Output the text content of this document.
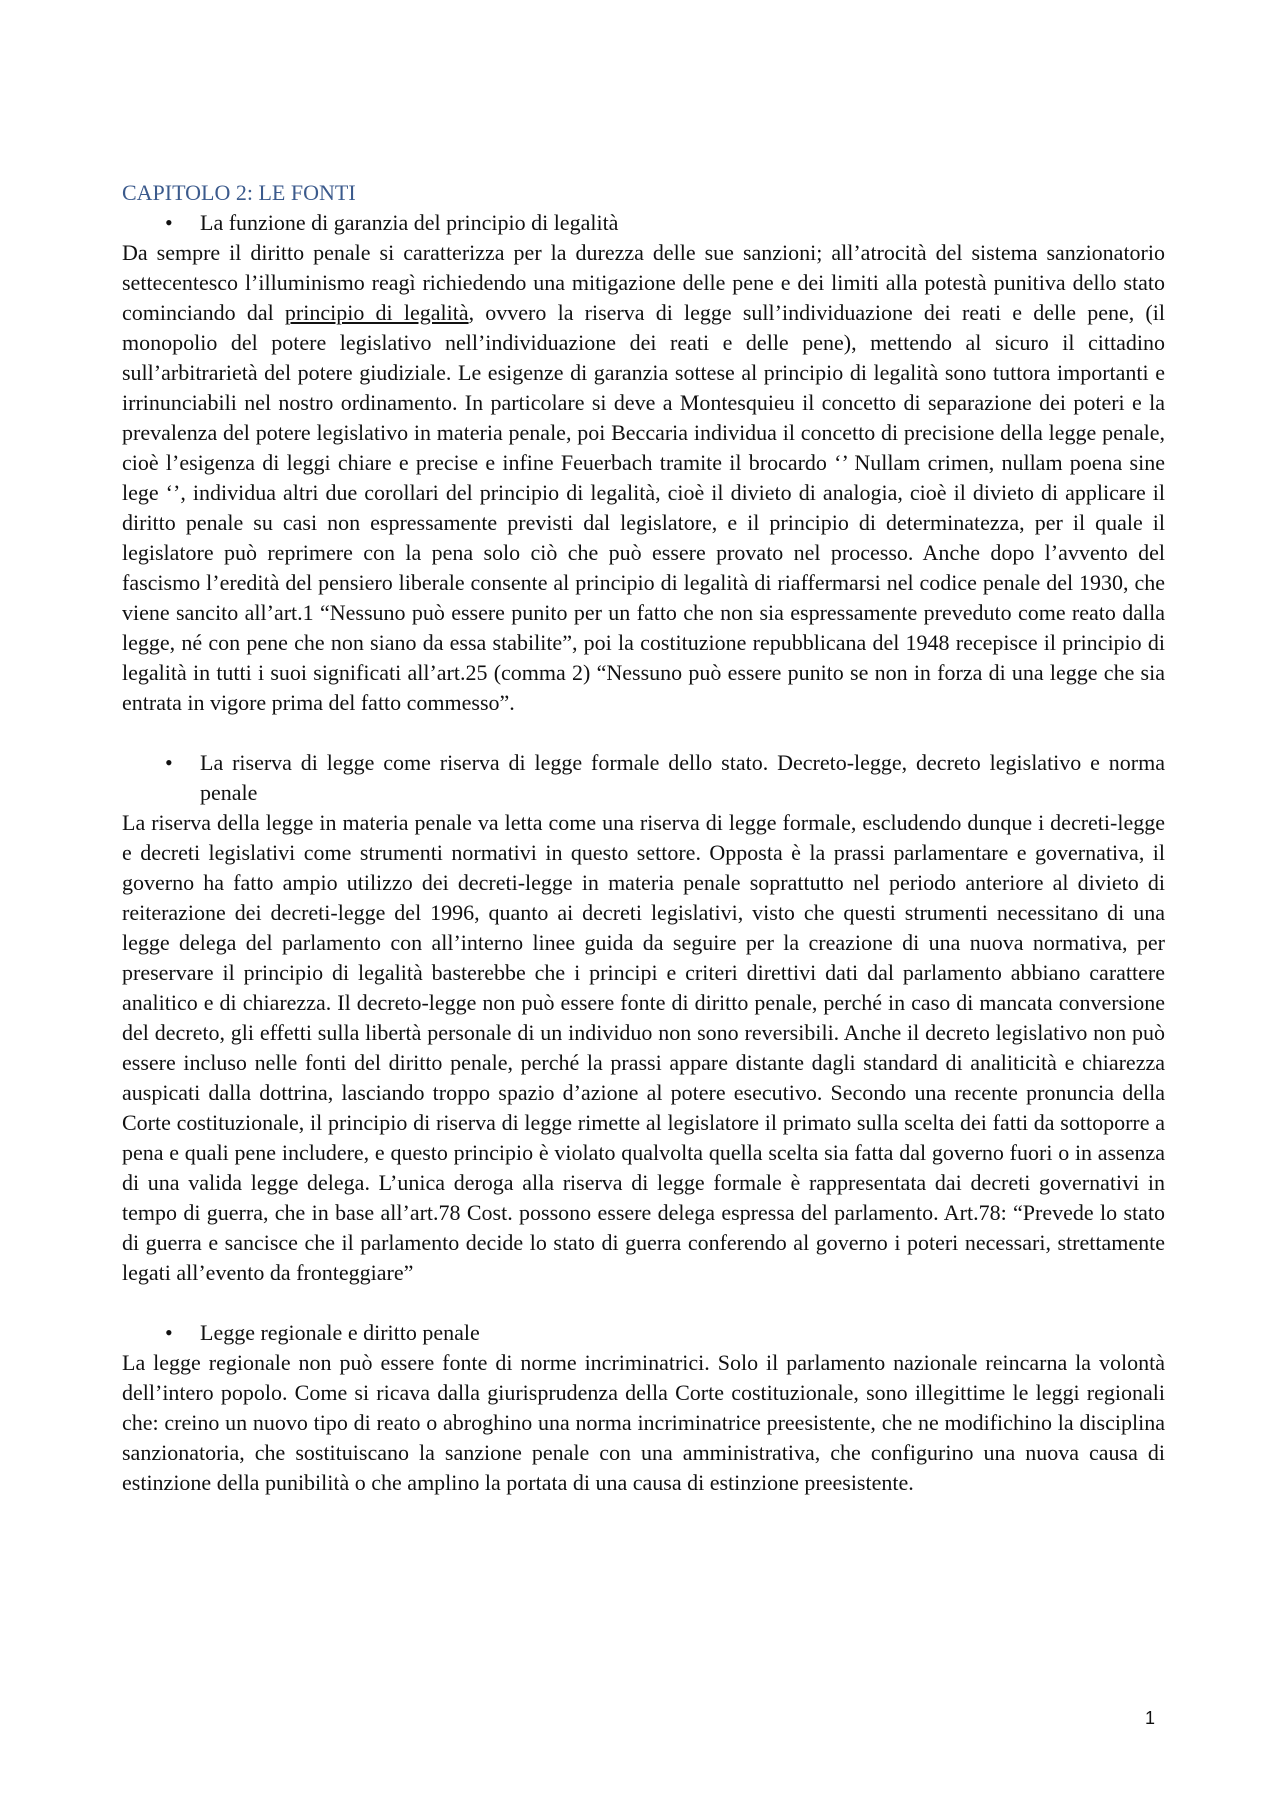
CAPITOLO 2: LE FONTI
• La funzione di garanzia del principio di legalità

Da sempre il diritto penale si caratterizza per la durezza delle sue sanzioni; all’atrocità del sistema sanzionatorio settecentesco l’illuminismo reagì richiedendo una mitigazione delle pene e dei limiti alla potestà punitiva dello stato cominciando dal principio di legalità, ovvero la riserva di legge sull’individuazione dei reati e delle pene, (il monopolio del potere legislativo nell’individuazione dei reati e delle pene), mettendo al sicuro il cittadino sull’arbitrarietà del potere giudiziale. Le esigenze di garanzia sottese al principio di legalità sono tuttora importanti e irrinunciabili nel nostro ordinamento. In particolare si deve a Montesquieu il concetto di separazione dei poteri e la prevalenza del potere legislativo in materia penale, poi Beccaria individua il concetto di precisione della legge penale, cioè l’esigenza di leggi chiare e precise e infine Feuerbach tramite il brocardo ‘’ Nullam crimen, nullam poena sine lege ‘’, individua altri due corollari del principio di legalità, cioè il divieto di analogia, cioè il divieto di applicare il diritto penale su casi non espressamente previsti dal legislatore, e il principio di determinatezza, per il quale il legislatore può reprimere con la pena solo ciò che può essere provato nel processo. Anche dopo l’avvento del fascismo l’eredità del pensiero liberale consente al principio di legalità di riaffermarsi nel codice penale del 1930, che viene sancito all’art.1 “Nessuno può essere punito per un fatto che non sia espressamente preveduto come reato dalla legge, né con pene che non siano da essa stabilite”, poi la costituzione repubblicana del 1948 recepisce il principio di legalità in tutti i suoi significati all’art.25 (comma 2) “Nessuno può essere punito se non in forza di una legge che sia entrata in vigore prima del fatto commesso”.

• La riserva di legge come riserva di legge formale dello stato. Decreto-legge, decreto legislativo e norma penale

La riserva della legge in materia penale va letta come una riserva di legge formale, escludendo dunque i decreti-legge e decreti legislativi come strumenti normativi in questo settore. Opposta è la prassi parlamentare e governativa, il governo ha fatto ampio utilizzo dei decreti-legge in materia penale soprattutto nel periodo anteriore al divieto di reiterazione dei decreti-legge del 1996, quanto ai decreti legislativi, visto che questi strumenti necessitano di una legge delega del parlamento con all’interno linee guida da seguire per la creazione di una nuova normativa, per preservare il principio di legalità basterebbe che i principi e criteri direttivi dati dal parlamento abbiano carattere analitico e di chiarezza. Il decreto-legge non può essere fonte di diritto penale, perché in caso di mancata conversione del decreto, gli effetti sulla libertà personale di un individuo non sono reversibili. Anche il decreto legislativo non può essere incluso nelle fonti del diritto penale, perché la prassi appare distante dagli standard di analiticità e chiarezza auspicati dalla dottrina, lasciando troppo spazio d’azione al potere esecutivo. Secondo una recente pronuncia della Corte costituzionale, il principio di riserva di legge rimette al legislatore il primato sulla scelta dei fatti da sottoporre a pena e quali pene includere, e questo principio è violato qualvolta quella scelta sia fatta dal governo fuori o in assenza di una valida legge delega. L’unica deroga alla riserva di legge formale è rappresentata dai decreti governativi in tempo di guerra, che in base all’art.78 Cost. possono essere delega espressa del parlamento. Art.78: “Prevede lo stato di guerra e sancisce che il parlamento decide lo stato di guerra conferendo al governo i poteri necessari, strettamente legati all’evento da fronteggiare”

• Legge regionale e diritto penale

La legge regionale non può essere fonte di norme incriminatrici. Solo il parlamento nazionale reincarna la volontà dell’intero popolo. Come si ricava dalla giurisprudenza della Corte costituzionale, sono illegittime le leggi regionali che: creino un nuovo tipo di reato o abroghino una norma incriminatrice preesistente, che ne modifichino la disciplina sanzionatoria, che sostituiscano la sanzione penale con una amministrativa, che configurino una nuova causa di estinzione della punibilità o che amplino la portata di una causa di estinzione preesistente.

1
